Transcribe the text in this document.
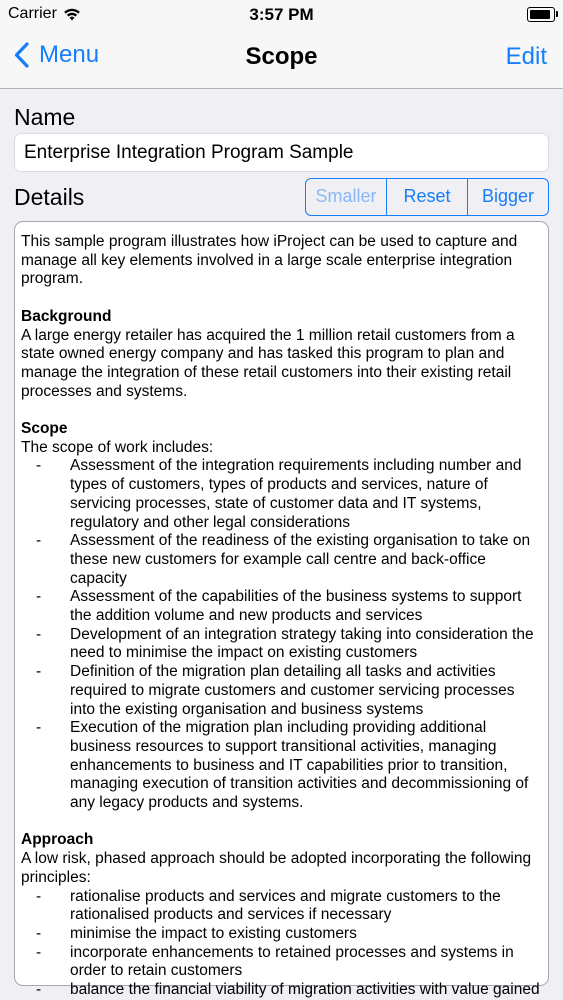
Carrier	3:57 PM
Menu	Scope	Edit
Name
Enterprise Integration Program Sample
Details	Smaller	Reset	Bigger

This sample program illustrates how iProject can be used to capture and manage all key elements involved in a large scale enterprise integration program.

Background

A large energy retailer has acquired the 1 million retail customers from a state owned energy company and has tasked this program to plan and manage the integration of these retail customers into their existing retail processes and systems.

Scope

The scope of work includes:

- Assessment of the integration requirements including number and types of customers, types of products and services, nature of servicing processes, state of customer data and IT systems, regulatory and other legal considerations
- Assessment of the readiness of the existing organisation to take on these new customers for example call centre and back-office capacity
- Assessment of the capabilities of the business systems to support the addition volume and new products and services
- Development of an integration strategy taking into consideration the need to minimise the impact on existing customers
- Definition of the migration plan detailing all tasks and activities required to migrate customers and customer servicing processes into the existing organisation and business systems
- Execution of the migration plan including providing additional business resources to support transitional activities, managing enhancements to business and IT capabilities prior to transition, managing execution of transition activities and decommissioning of any legacy products and systems.
Approach

A low risk, phased approach should be adopted incorporating the following principles:

- rationalise products and services and migrate customers to the rationalised products and services if necessary
- minimise the impact to existing customers
- incorporate enhancements to retained processes and systems in order to retain customers
- balance the financial viability of migration activities with value gained
